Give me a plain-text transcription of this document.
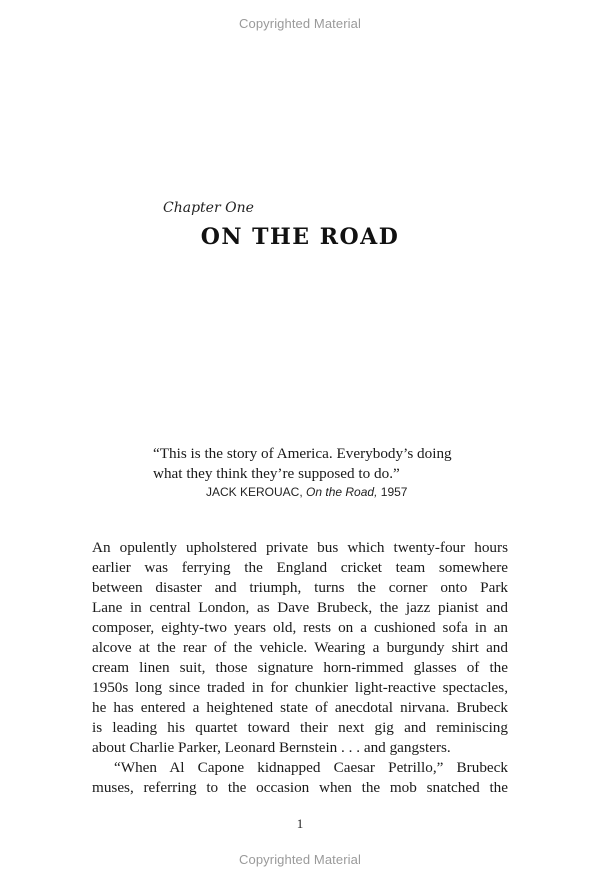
Copyrighted Material
Chapter One
ON THE ROAD
“This is the story of America. Everybody’s doing
what they think they’re supposed to do.”
JACK KEROUAC, On the Road, 1957
An opulently upholstered private bus which twenty-four hours
earlier was ferrying the England cricket team somewhere
between disaster and triumph, turns the corner onto Park
Lane in central London, as Dave Brubeck, the jazz pianist and
composer, eighty-two years old, rests on a cushioned sofa in an
alcove at the rear of the vehicle. Wearing a burgundy shirt and
cream linen suit, those signature horn-rimmed glasses of the
1950s long since traded in for chunkier light-reactive spectacles,
he has entered a heightened state of anecdotal nirvana. Brubeck
is leading his quartet toward their next gig and reminiscing
about Charlie Parker, Leonard Bernstein . . . and gangsters.
“When Al Capone kidnapped Caesar Petrillo,” Brubeck
muses, referring to the occasion when the mob snatched the
1
Copyrighted Material
